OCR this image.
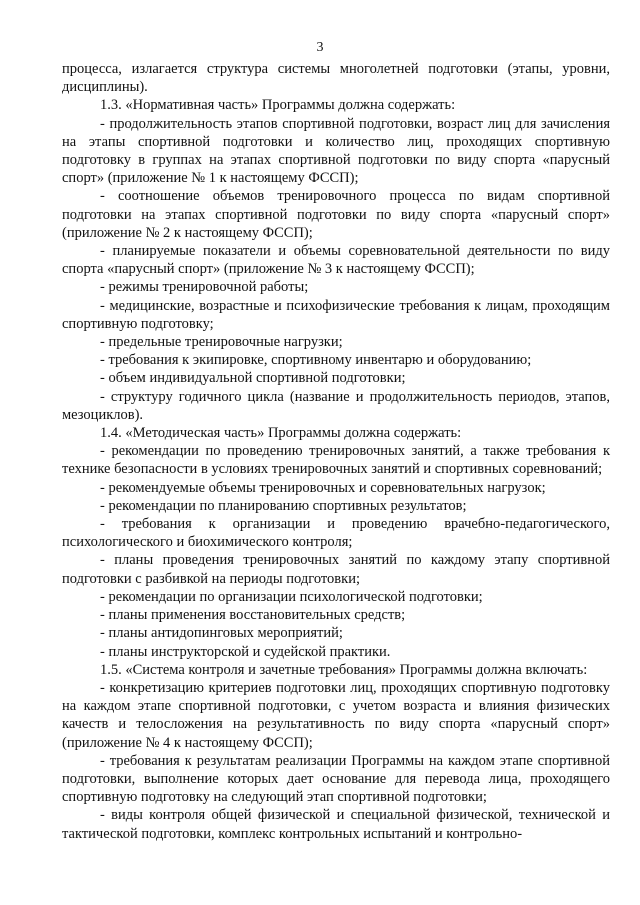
3

процесса, излагается структура системы многолетней подготовки (этапы, уровни, дисциплины).

1.3. «Нормативная часть» Программы должна содержать:

- продолжительность этапов спортивной подготовки, возраст лиц для зачисления на этапы спортивной подготовки и количество лиц, проходящих спортивную подготовку в группах на этапах спортивной подготовки по виду спорта «парусный спорт» (приложение № 1 к настоящему ФССП);

- соотношение объемов тренировочного процесса по видам спортивной подготовки на этапах спортивной подготовки по виду спорта «парусный спорт» (приложение № 2 к настоящему ФССП);

- планируемые показатели и объемы соревновательной деятельности по виду спорта «парусный спорт» (приложение № 3 к настоящему ФССП);

- режимы тренировочной работы;

- медицинские, возрастные и психофизические требования к лицам, проходящим спортивную подготовку;

- предельные тренировочные нагрузки;

- требования к экипировке, спортивному инвентарю и оборудованию;

- объем индивидуальной спортивной подготовки;

- структуру годичного цикла (название и продолжительность периодов, этапов, мезоциклов).

1.4. «Методическая часть» Программы должна содержать:

- рекомендации по проведению тренировочных занятий, а также требования к технике безопасности в условиях тренировочных занятий и спортивных соревнований;

- рекомендуемые объемы тренировочных и соревновательных нагрузок;

- рекомендации по планированию спортивных результатов;

- требования к организации и проведению врачебно-педагогического, психологического и биохимического контроля;

- планы проведения тренировочных занятий по каждому этапу спортивной подготовки с разбивкой на периоды подготовки;

- рекомендации по организации психологической подготовки;

- планы применения восстановительных средств;

- планы антидопинговых мероприятий;

- планы инструкторской и судейской практики.

1.5. «Система контроля и зачетные требования» Программы должна включать:

- конкретизацию критериев подготовки лиц, проходящих спортивную подготовку на каждом этапе спортивной подготовки, с учетом возраста и влияния физических качеств и телосложения на результативность по виду спорта «парусный спорт» (приложение № 4 к настоящему ФССП);

- требования к результатам реализации Программы на каждом этапе спортивной подготовки, выполнение которых дает основание для перевода лица, проходящего спортивную подготовку на следующий этап спортивной подготовки;

- виды контроля общей физической и специальной физической, технической и тактической подготовки, комплекс контрольных испытаний и контрольно-
